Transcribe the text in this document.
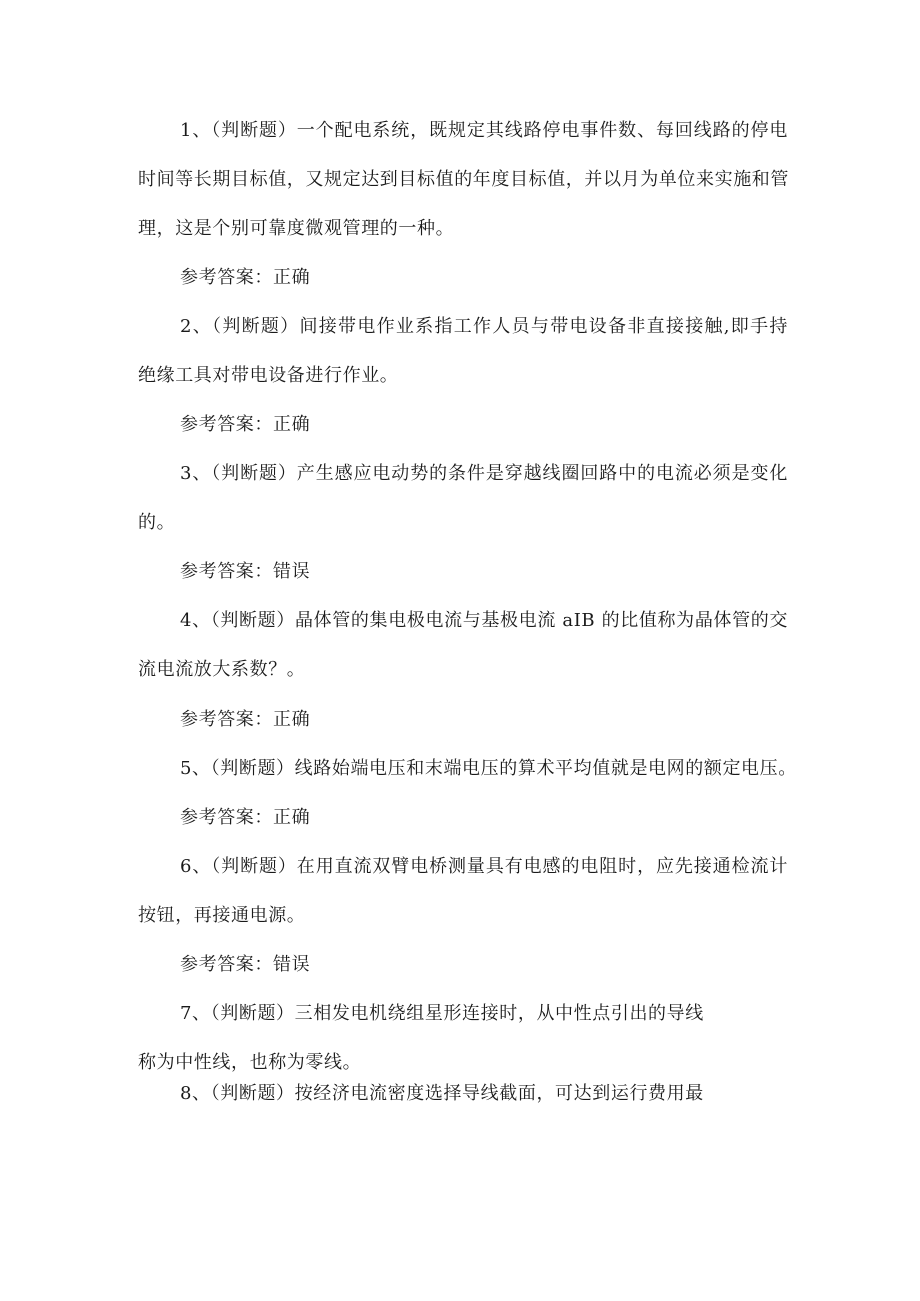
1、（判断题）一个配电系统，既规定其线路停电事件数、每回线路的停电
时间等长期目标值，又规定达到目标值的年度目标值，并以月为单位来实施和管
理，这是个别可靠度微观管理的一种。
参考答案：正确
2、（判断题）间接带电作业系指工作人员与带电设备非直接接触,即手持
绝缘工具对带电设备进行作业。
参考答案：正确
3、（判断题）产生感应电动势的条件是穿越线圈回路中的电流必须是变化
的。
参考答案：错误
4、（判断题）晶体管的集电极电流与基极电流 aIB 的比值称为晶体管的交
流电流放大系数？。
参考答案：正确
5、（判断题）线路始端电压和末端电压的算术平均值就是电网的额定电压。
参考答案：正确
6、（判断题）在用直流双臂电桥测量具有电感的电阻时，应先接通检流计
按钮，再接通电源。
参考答案：错误
7、（判断题）三相发电机绕组星形连接时，从中性点引出的导线
称为中性线，也称为零线。
8、（判断题）按经济电流密度选择导线截面，可达到运行费用最
